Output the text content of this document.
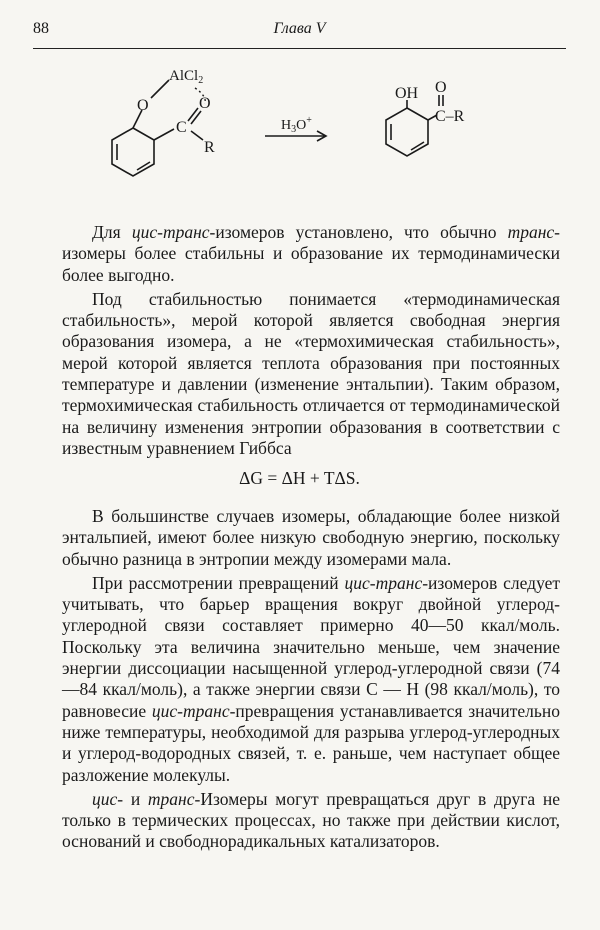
88	Глава V
AlCl$_2$
O	O
C
R
$H_3O^+$
OH O
C–R

Для цис-транс-изомеров установлено, что обычно транс-изомеры более стабильны и образование их термодинамически более выгодно.

Под стабильностью понимается «термодинамическая стабильность», мерой которой является свободная энергия образования изомера, а не «термохимическая стабильность», мерой которой является теплота образования при постоянных температуре и давлении (изменение энтальпии). Таким образом, термохимическая стабильность отличается от термодинамической на величину изменения энтропии образования в соответствии с известным уравнением Гиббса

ΔG = ΔH + TΔS.

В большинстве случаев изомеры, обладающие более низкой энтальпией, имеют более низкую свободную энергию, поскольку обычно разница в энтропии между изомерами мала.

При рассмотрении превращений цис-транс-изомеров следует учитывать, что барьер вращения вокруг двойной углерод-углеродной связи составляет примерно 40—50 ккал/моль. Поскольку эта величина значительно меньше, чем значение энергии диссоциации насыщенной углерод-углеродной связи (74—84 ккал/моль), а также энергии связи С — Н (98 ккал/моль), то равновесие цис-транс-превращения устанавливается значительно ниже температуры, необходимой для разрыва углерод-углеродных и углерод-водородных связей, т. е. раньше, чем наступает общее разложение молекулы.

цис- и транс-Изомеры могут превращаться друг в друга не только в термических процессах, но также при действии кислот, оснований и свободнорадикальных катализаторов.
